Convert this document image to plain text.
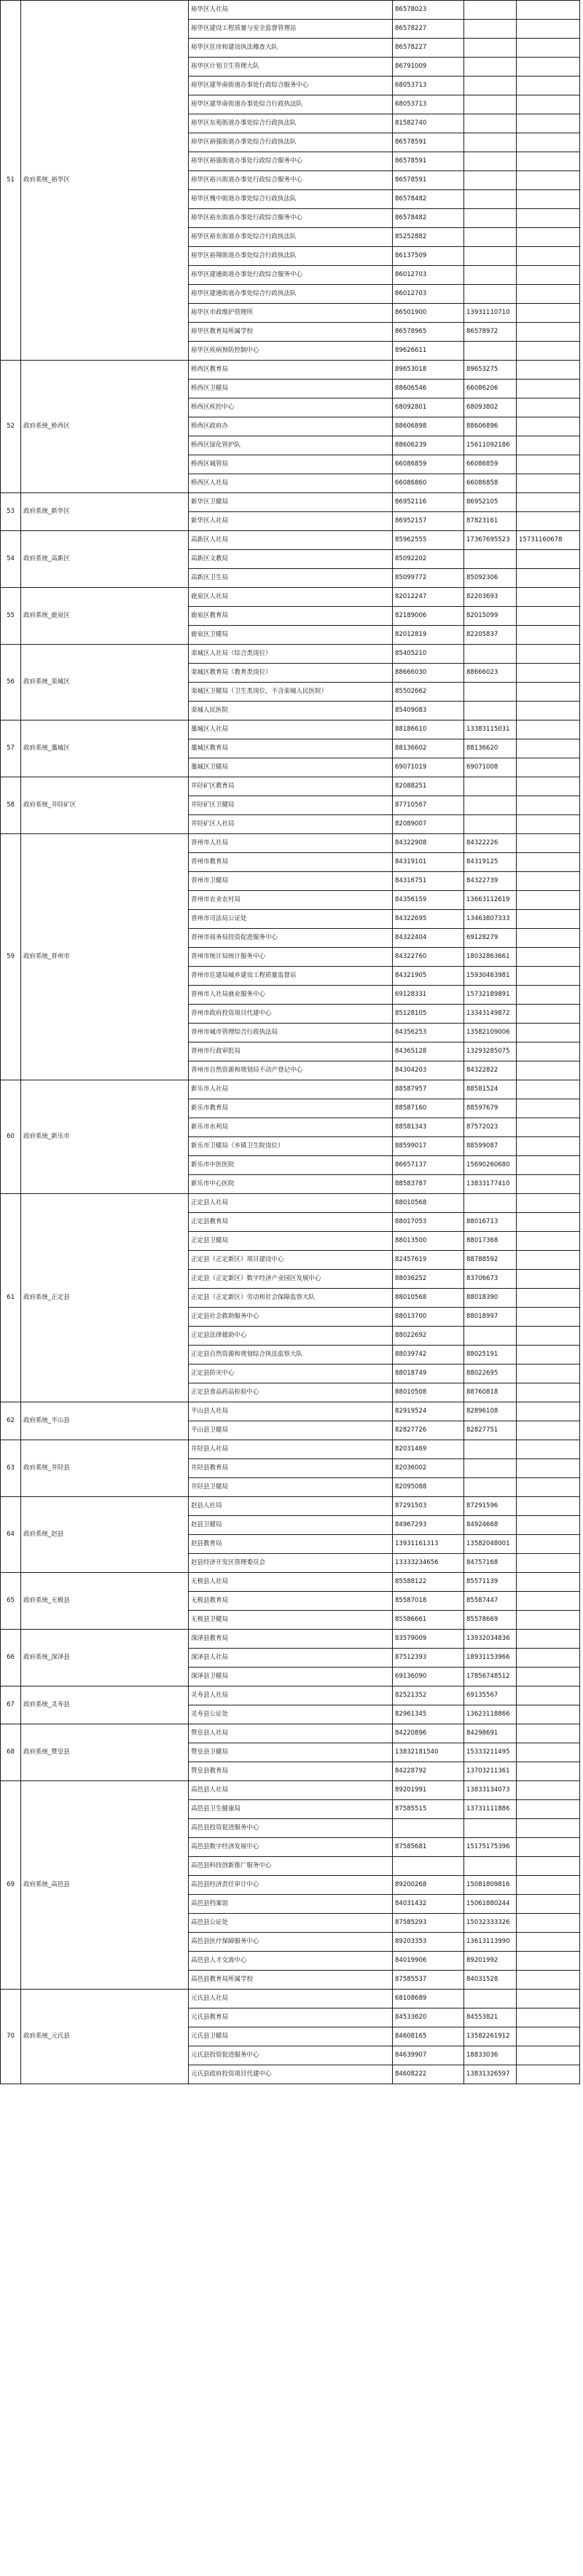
51	政府系统_裕华区	裕华区人社局	86578023		
		裕华区建设工程质量与安全监督管理站	86578227		
		裕华区住房和建设执法稽查大队	86578227		
		裕华区计划卫生管理大队	86791009		
		裕华区建华南街道办事处行政综合服务中心	68053713		
		裕华区建华南街道办事处综合行政执法队	68053713		
		裕华区东苑街道办事处综合行政执法队	81582740		
		裕华区裕强街道办事处综合行政执法队	86578591		
		裕华区裕强街道办事处行政综合服务中心	86578591		
		裕华区裕兴街道办事处行政综合服务中心	86578591		
		裕华区槐中街道办事处综合行政执法队	86578482		
		裕华区裕东街道办事处行政综合服务中心	86578482		
		裕华区裕东街道办事处综合行政执法队	85252882		
		裕华区裕翔街道办事处综合行政执法队	86137509		
		裕华区建通街道办事处行政综合服务中心	86012703		
		裕华区建通街道办事处综合行政执法队	86012703		
		裕华区市政维护管理所	86501900	13931110710	
		裕华区教育局所属学校	86578965	86578972	
		裕华区疾病预防控制中心	89626611		
52	政府系统_桥西区	桥西区教育局	89653018	89653275	
		桥西区卫健局	88606546	66086206	
		桥西区疾控中心	68092801	68093802	
		桥西区政府办	88606898	88606896	
		桥西区绿化管护队	88606239	15611092186	
		桥西区城管局	66086859	66086859	
		桥西区人社局	66086860	66086858	
53	政府系统_新华区	新华区卫健局	86952116	86952105	
		新华区人社局	86952157	87823161	
54	政府系统_高新区	高新区人社局	85962555	17367695523	15731160678
		高新区文教局	85092202		
		高新区卫生局	85099772	85092306	
55	政府系统_鹿泉区	鹿泉区人社局	82012247	82203693	
		鹿泉区教育局	82189006	82015099	
		鹿泉区卫健局	82012819	82205837	
56	政府系统_栾城区	栾城区人社局（综合类岗位）	85405210		
		栾城区教育局（教育类岗位）	88666030	88666023	
		栾城区卫健局（卫生类岗位，不含栾城人民医院）	85502662		
		栾城人民医院	85409083		
57	政府系统_藁城区	藁城区人社局	88186610	13383115031	
		藁城区教育局	88136602	88136620	
		藁城区卫健局	69071019	69071008	
58	政府系统_井陉矿区	井陉矿区教育局	82088251		
		井陉矿区卫健局	87710567		
		井陉矿区人社局	82089007		
59	政府系统_晋州市	晋州市人社局	84322908	84322226	
		晋州市教育局	84319101	84319125	
		晋州市卫健局	84316751	84322739	
		晋州市农业农村局	84356159	13663112619	
		晋州市司法局公证处	84322695	13463807333	
		晋州市商务局投资促进服务中心	84322404	69128279	
		晋州市统计局统计服务中心	84322760	18032863661	
		晋州市住建局城乡建设工程质量监督站	84321905	15930463981	
		晋州市人社局就业服务中心	69128331	15732189891	
		晋州市政府投资项目代建中心	85128105	13343149872	
		晋州市城市管理综合行政执法局	84356253	13582109006	
		晋州市行政审批局	84365128	13293285075	
		晋州市自然资源和规划局不动产登记中心	84304203	84322822	
60	政府系统_新乐市	新乐市人社局	88587957	88581524	
		新乐市教育局	88587160	88597679	
		新乐市水利局	88581343	87572023	
		新乐市卫健局（乡镇卫生院岗位）	88599017	88599087	
		新乐市中医医院	86657137	15690260680	
		新乐市中心医院	88583787	13833177410	
61	政府系统_正定县	正定县人社局	88010568		
		正定县教育局	88017053	88016713	
		正定县卫健局	88013500	88017368	
		正定县（正定新区）项目建设中心	82457619	88788592	
		正定县（正定新区）数字经济产业园区发展中心	88036252	83706673	
		正定县（正定新区）劳动和社会保障监察大队	88010568	88018390	
		正定县社会救助服务中心	88013700	88018997	
		正定县法律援助中心	88022692		
		正定县自然资源和规划综合执法监察大队	88039742	88025191	
		正定县防灾中心	88018749	88022695	
		正定县食品药品检验中心	88010508	88760818	
62	政府系统_平山县	平山县人社局	82919524	82896108	
		平山县卫健局	82827726	82827751	
63	政府系统_井陉县	井陉县人社局	82031469		
		井陉县教育局	82036002		
		井陉县卫健局	82095088		
64	政府系统_赵县	赵县人社局	87291503	87291596	
		赵县卫健局	84967293	84924668	
		赵县教育局	13931161313	13582048001	
		赵县经济开发区管理委员会	13333234656	84757168	
65	政府系统_无极县	无极县人社局	85588122	85571139	
		无极县教育局	85587018	85587447	
		无极县卫健局	85586661	85578669	
66	政府系统_深泽县	深泽县教育局	83579009	13932034836	
		深泽县人社局	87512393	18931153966	
		深泽县卫健局	69136090	17856748512	
67	政府系统_灵寿县	灵寿县人社局	82521352	69135567	
		灵寿县公证处	82961345	13623118866	
68	政府系统_赞皇县	赞皇县人社局	84220896	84298691	
		赞皇县卫健局	13832181540	15333211495	
		赞皇县教育局	84228792	13703211361	
69	政府系统_高邑县	高邑县人社局	89201991	13833134073	
		高邑县卫生健康局	87585515	13731111886	
		高邑县投资促进服务中心			
		高邑县数字经济发展中心	87585681	15175175396	
		高邑县科技创新推广服务中心			
		高邑县经济责任审计中心	89200268	15081809816	
		高邑县档案馆	84031432	15061880244	
		高邑县公证处	87585293	15032333326	
		高邑县医疗保障服务中心	89203353	13613113990	
		高邑县人才交流中心	84019906	89201992	
		高邑县教育局所属学校	87585537	84031528	
70	政府系统_元氏县	元氏县人社局	68108689		
		元氏县教育局	84533620	84553821	
		元氏县卫健局	84608165	13582261912	
		元氏县投资促进服务中心	84639907	18833036	
		元氏县政府投资项目代建中心	84608222	13831326597	
